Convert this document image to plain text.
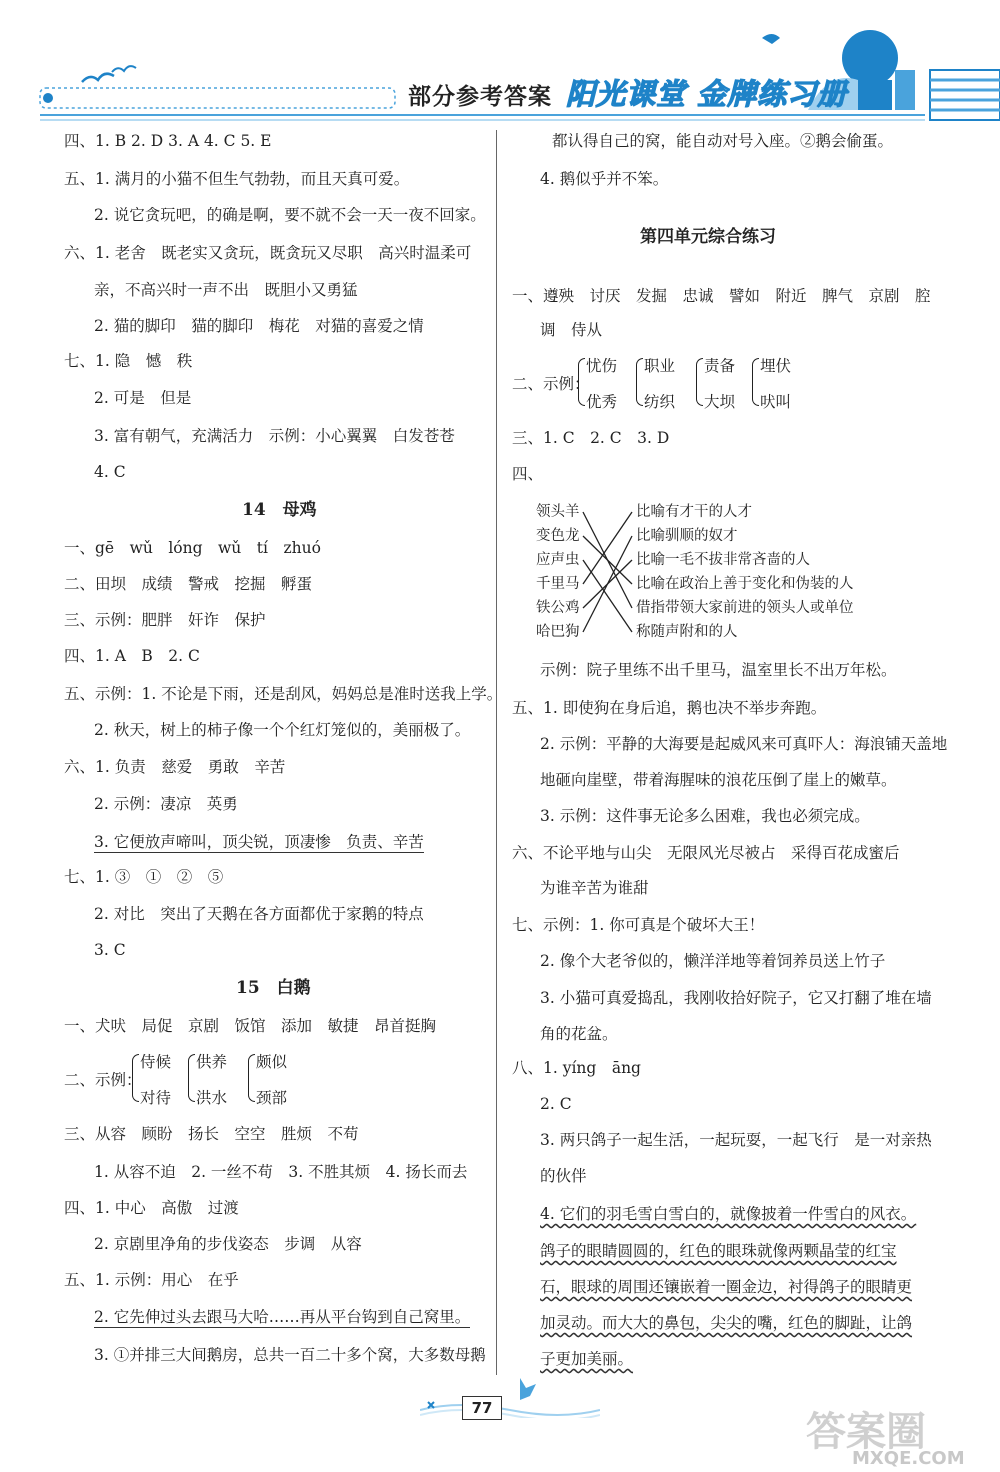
部分参考答案 阳光课堂 金牌练习册
四、1. B 2. D 3. A 4. C 5. E
五、1. 满月的小猫不但生气勃勃，而且天真可爱。
2. 说它贪玩吧，的确是啊，要不就不会一天一夜不回家。
六、1. 老舍　既老实又贪玩，既贪玩又尽职　高兴时温柔可
亲，不高兴时一声不出　既胆小又勇猛
2. 猫的脚印　猫的脚印　梅花　对猫的喜爱之情
七、1. 隐　憾　秩
2. 可是　但是
3. 富有朝气，充满活力　示例：小心翼翼　白发苍苍
4. C
14　母鸡
一、gē　wǔ　lóng　wǔ　tí　zhuó
二、田坝　成绩　警戒　挖掘　孵蛋
三、示例：肥胖　奸诈　保护
四、1. A　B　2. C
五、示例：1. 不论是下雨，还是刮风，妈妈总是准时送我上学。
2. 秋天，树上的柿子像一个个红灯笼似的，美丽极了。
六、1. 负责　慈爱　勇敢　辛苦
2. 示例：凄凉　英勇
3. 它便放声啼叫，顶尖锐，顶凄惨　负责、辛苦
七、1. ③　①　②　⑤
2. 对比　突出了天鹅在各方面都优于家鹅的特点
3. C
15　白鹅
一、犬吠　局促　京剧　饭馆　添加　敏捷　昂首挺胸
二、示例：
侍候
对待
供养
洪水
颇似
颈部
三、从容　顾盼　扬长　空空　胜烦　不苟
1. 从容不迫　2. 一丝不苟　3. 不胜其烦　4. 扬长而去
四、1. 中心　高傲　过渡
2. 京剧里净角的步伐姿态　步调　从容
五、1. 示例：用心　在乎
2. 它先伸过头去跟马大哈……再从平台钩到自己窝里。
3. ①并排三大间鹅房，总共一百二十多个窝，大多数母鹅
都认得自己的窝，能自动对号入座。②鹅会偷蛋。
4. 鹅似乎并不笨。
第四单元综合练习
一、遵殃　讨厌　发掘　忠诚　譬如　附近　脾气　京剧　腔
调　侍从
二、示例：
忧伤
优秀
职业
纺织
责备
大坝
埋伏
吠叫
三、1. C　2. C　3. D
四、
领头羊
变色龙
应声虫
千里马
铁公鸡
哈巴狗
比喻有才干的人才
比喻驯顺的奴才
比喻一毛不拔非常吝啬的人
比喻在政治上善于变化和伪装的人
借指带领大家前进的领头人或单位
称随声附和的人
示例：院子里练不出千里马，温室里长不出万年松。
五、1. 即使狗在身后追，鹅也决不举步奔跑。
2. 示例：平静的大海要是起威风来可真吓人：海浪铺天盖地
地砸向崖壁，带着海腥味的浪花压倒了崖上的嫩草。
3. 示例：这件事无论多么困难，我也必须完成。
六、不论平地与山尖　无限风光尽被占　采得百花成蜜后
为谁辛苦为谁甜
七、示例：1. 你可真是个破坏大王！
2. 像个大老爷似的，懒洋洋地等着饲养员送上竹子
3. 小猫可真爱捣乱，我刚收拾好院子，它又打翻了堆在墙
角的花盆。
八、1. yíng　āng
2. C
3. 两只鸽子一起生活，一起玩耍，一起飞行　是一对亲热
的伙伴
4. 它们的羽毛雪白雪白的，就像披着一件雪白的风衣。
鸽子的眼睛圆圆的，红色的眼珠就像两颗晶莹的红宝
石，眼球的周围还镶嵌着一圈金边，衬得鸽子的眼睛更
加灵动。而大大的鼻包，尖尖的嘴，红色的脚趾，让鸽
子更加美丽。
77
答案圈
MXQE.COM
